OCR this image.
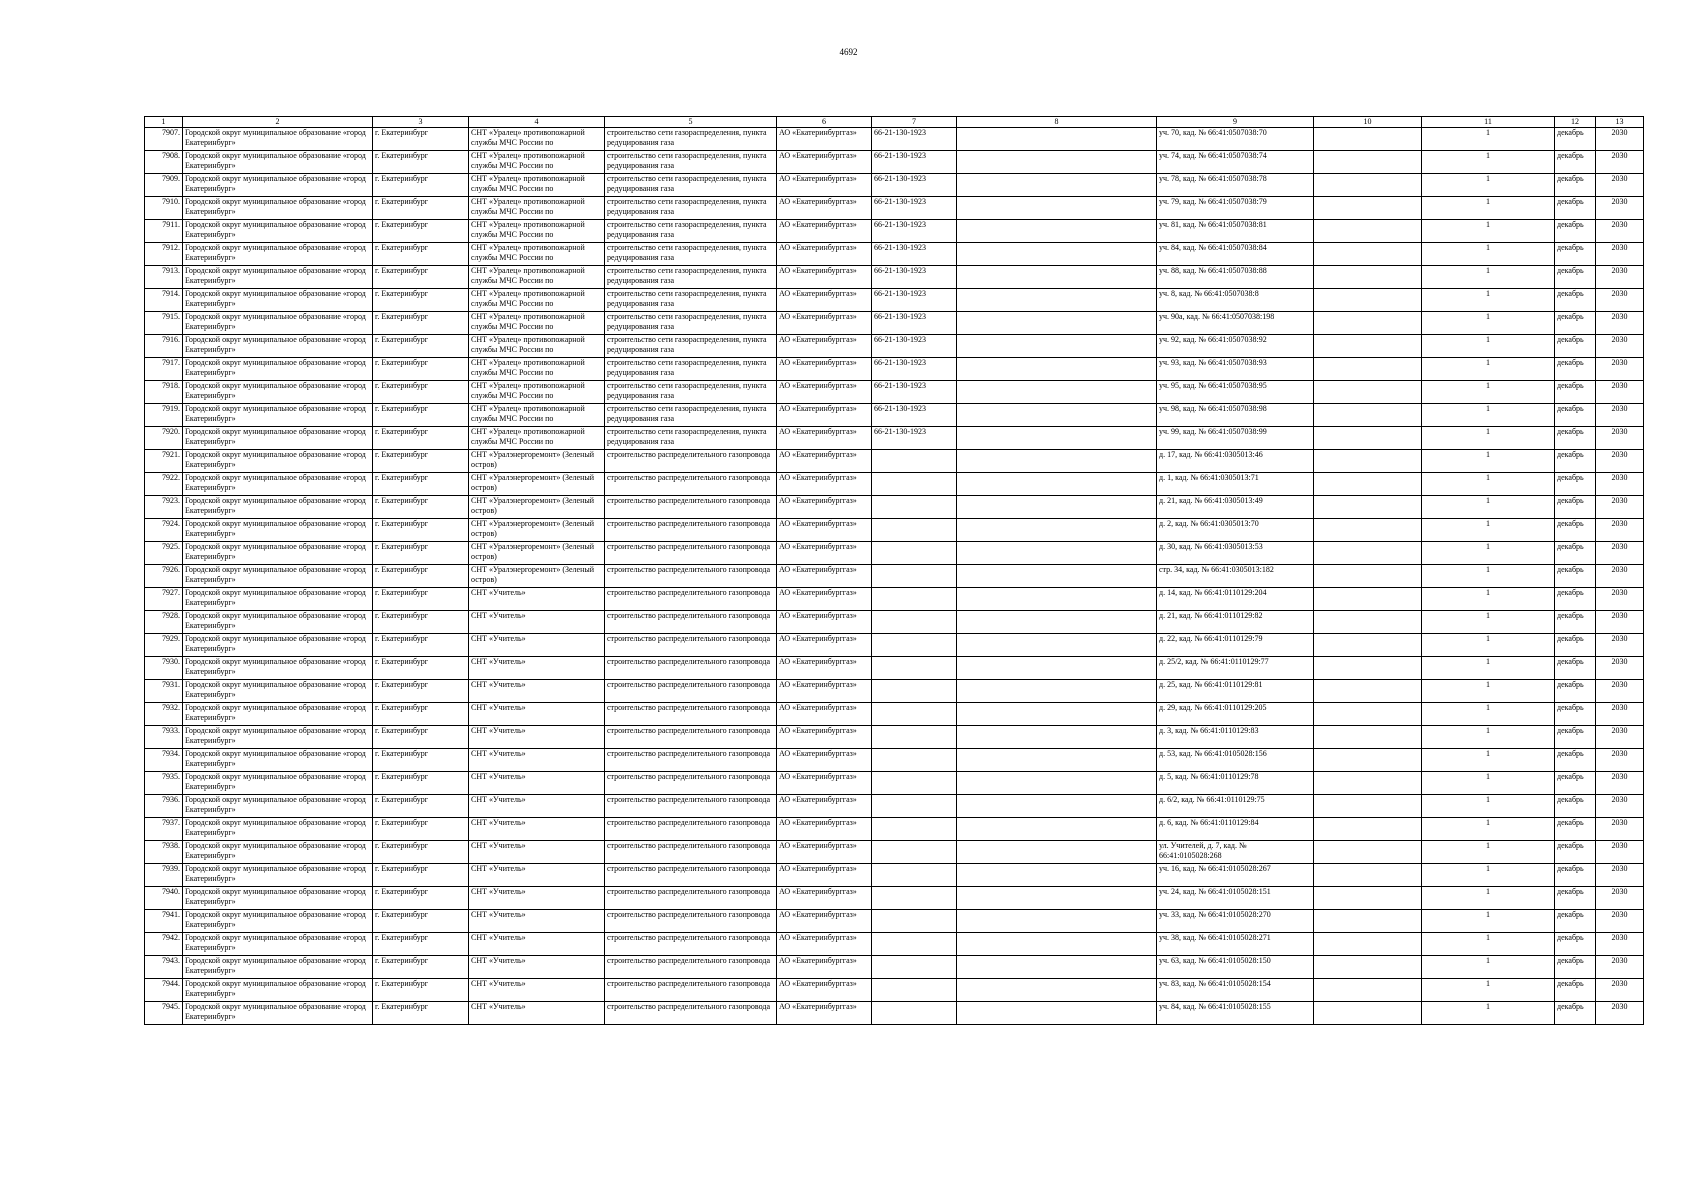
4692
1	2	3	4	5	6	7	8	9	10	11	12	13
7907.	Городской округ муниципальное образование «город Екатеринбург»	г. Екатеринбург	СНТ «Уралец» противопожарной службы МЧС России по	строительство сети газораспределения, пункта редуцирования газа	АО «Екатеринбурггаз»	66-21-130-1923		уч. 70, кад. № 66:41:0507038:70		1	декабрь	2030
7908.	Городской округ муниципальное образование «город Екатеринбург»	г. Екатеринбург	СНТ «Уралец» противопожарной службы МЧС России по	строительство сети газораспределения, пункта редуцирования газа	АО «Екатеринбурггаз»	66-21-130-1923		уч. 74, кад. № 66:41:0507038:74		1	декабрь	2030
7909.	Городской округ муниципальное образование «город Екатеринбург»	г. Екатеринбург	СНТ «Уралец» противопожарной службы МЧС России по	строительство сети газораспределения, пункта редуцирования газа	АО «Екатеринбурггаз»	66-21-130-1923		уч. 78, кад. № 66:41:0507038:78		1	декабрь	2030
7910.	Городской округ муниципальное образование «город Екатеринбург»	г. Екатеринбург	СНТ «Уралец» противопожарной службы МЧС России по	строительство сети газораспределения, пункта редуцирования газа	АО «Екатеринбурггаз»	66-21-130-1923		уч. 79, кад. № 66:41:0507038:79		1	декабрь	2030
7911.	Городской округ муниципальное образование «город Екатеринбург»	г. Екатеринбург	СНТ «Уралец» противопожарной службы МЧС России по	строительство сети газораспределения, пункта редуцирования газа	АО «Екатеринбурггаз»	66-21-130-1923		уч. 81, кад. № 66:41:0507038:81		1	декабрь	2030
7912.	Городской округ муниципальное образование «город Екатеринбург»	г. Екатеринбург	СНТ «Уралец» противопожарной службы МЧС России по	строительство сети газораспределения, пункта редуцирования газа	АО «Екатеринбурггаз»	66-21-130-1923		уч. 84, кад. № 66:41:0507038:84		1	декабрь	2030
7913.	Городской округ муниципальное образование «город Екатеринбург»	г. Екатеринбург	СНТ «Уралец» противопожарной службы МЧС России по	строительство сети газораспределения, пункта редуцирования газа	АО «Екатеринбурггаз»	66-21-130-1923		уч. 88, кад. № 66:41:0507038:88		1	декабрь	2030
7914.	Городской округ муниципальное образование «город Екатеринбург»	г. Екатеринбург	СНТ «Уралец» противопожарной службы МЧС России по	строительство сети газораспределения, пункта редуцирования газа	АО «Екатеринбурггаз»	66-21-130-1923		уч. 8, кад. № 66:41:0507038:8		1	декабрь	2030
7915.	Городской округ муниципальное образование «город Екатеринбург»	г. Екатеринбург	СНТ «Уралец» противопожарной службы МЧС России по	строительство сети газораспределения, пункта редуцирования газа	АО «Екатеринбурггаз»	66-21-130-1923		уч. 90а, кад. № 66:41:0507038:198		1	декабрь	2030
7916.	Городской округ муниципальное образование «город Екатеринбург»	г. Екатеринбург	СНТ «Уралец» противопожарной службы МЧС России по	строительство сети газораспределения, пункта редуцирования газа	АО «Екатеринбурггаз»	66-21-130-1923		уч. 92, кад. № 66:41:0507038:92		1	декабрь	2030
7917.	Городской округ муниципальное образование «город Екатеринбург»	г. Екатеринбург	СНТ «Уралец» противопожарной службы МЧС России по	строительство сети газораспределения, пункта редуцирования газа	АО «Екатеринбурггаз»	66-21-130-1923		уч. 93, кад. № 66:41:0507038:93		1	декабрь	2030
7918.	Городской округ муниципальное образование «город Екатеринбург»	г. Екатеринбург	СНТ «Уралец» противопожарной службы МЧС России по	строительство сети газораспределения, пункта редуцирования газа	АО «Екатеринбурггаз»	66-21-130-1923		уч. 95, кад. № 66:41:0507038:95		1	декабрь	2030
7919.	Городской округ муниципальное образование «город Екатеринбург»	г. Екатеринбург	СНТ «Уралец» противопожарной службы МЧС России по	строительство сети газораспределения, пункта редуцирования газа	АО «Екатеринбурггаз»	66-21-130-1923		уч. 98, кад. № 66:41:0507038:98		1	декабрь	2030
7920.	Городской округ муниципальное образование «город Екатеринбург»	г. Екатеринбург	СНТ «Уралец» противопожарной службы МЧС России по	строительство сети газораспределения, пункта редуцирования газа	АО «Екатеринбурггаз»	66-21-130-1923		уч. 99, кад. № 66:41:0507038:99		1	декабрь	2030
7921.	Городской округ муниципальное образование «город Екатеринбург»	г. Екатеринбург	СНТ «Уралэнергоремонт» (Зеленый остров)	строительство распределительного газопровода	АО «Екатеринбурггаз»			д. 17, кад. № 66:41:0305013:46		1	декабрь	2030
7922.	Городской округ муниципальное образование «город Екатеринбург»	г. Екатеринбург	СНТ «Уралэнергоремонт» (Зеленый остров)	строительство распределительного газопровода	АО «Екатеринбурггаз»			д. 1, кад. № 66:41:0305013:71		1	декабрь	2030
7923.	Городской округ муниципальное образование «город Екатеринбург»	г. Екатеринбург	СНТ «Уралэнергоремонт» (Зеленый остров)	строительство распределительного газопровода	АО «Екатеринбурггаз»			д. 21, кад. № 66:41:0305013:49		1	декабрь	2030
7924.	Городской округ муниципальное образование «город Екатеринбург»	г. Екатеринбург	СНТ «Уралэнергоремонт» (Зеленый остров)	строительство распределительного газопровода	АО «Екатеринбурггаз»			д. 2, кад. № 66:41:0305013:70		1	декабрь	2030
7925.	Городской округ муниципальное образование «город Екатеринбург»	г. Екатеринбург	СНТ «Уралэнергоремонт» (Зеленый остров)	строительство распределительного газопровода	АО «Екатеринбурггаз»			д. 30, кад. № 66:41:0305013:53		1	декабрь	2030
7926.	Городской округ муниципальное образование «город Екатеринбург»	г. Екатеринбург	СНТ «Уралэнергоремонт» (Зеленый остров)	строительство распределительного газопровода	АО «Екатеринбурггаз»			стр. 34, кад. № 66:41:0305013:182		1	декабрь	2030
7927.	Городской округ муниципальное образование «город Екатеринбург»	г. Екатеринбург	СНТ «Учитель»	строительство распределительного газопровода	АО «Екатеринбурггаз»			д. 14, кад. № 66:41:0110129:204		1	декабрь	2030
7928.	Городской округ муниципальное образование «город Екатеринбург»	г. Екатеринбург	СНТ «Учитель»	строительство распределительного газопровода	АО «Екатеринбурггаз»			д. 21, кад. № 66:41:0110129:82		1	декабрь	2030
7929.	Городской округ муниципальное образование «город Екатеринбург»	г. Екатеринбург	СНТ «Учитель»	строительство распределительного газопровода	АО «Екатеринбурггаз»			д. 22, кад. № 66:41:0110129:79		1	декабрь	2030
7930.	Городской округ муниципальное образование «город Екатеринбург»	г. Екатеринбург	СНТ «Учитель»	строительство распределительного газопровода	АО «Екатеринбурггаз»			д. 25/2, кад. № 66:41:0110129:77		1	декабрь	2030
7931.	Городской округ муниципальное образование «город Екатеринбург»	г. Екатеринбург	СНТ «Учитель»	строительство распределительного газопровода	АО «Екатеринбурггаз»			д. 25, кад. № 66:41:0110129:81		1	декабрь	2030
7932.	Городской округ муниципальное образование «город Екатеринбург»	г. Екатеринбург	СНТ «Учитель»	строительство распределительного газопровода	АО «Екатеринбурггаз»			д. 29, кад. № 66:41:0110129:205		1	декабрь	2030
7933.	Городской округ муниципальное образование «город Екатеринбург»	г. Екатеринбург	СНТ «Учитель»	строительство распределительного газопровода	АО «Екатеринбурггаз»			д. 3, кад. № 66:41:0110129:83		1	декабрь	2030
7934.	Городской округ муниципальное образование «город Екатеринбург»	г. Екатеринбург	СНТ «Учитель»	строительство распределительного газопровода	АО «Екатеринбурггаз»			д. 53, кад. № 66:41:0105028:156		1	декабрь	2030
7935.	Городской округ муниципальное образование «город Екатеринбург»	г. Екатеринбург	СНТ «Учитель»	строительство распределительного газопровода	АО «Екатеринбурггаз»			д. 5, кад. № 66:41:0110129:78		1	декабрь	2030
7936.	Городской округ муниципальное образование «город Екатеринбург»	г. Екатеринбург	СНТ «Учитель»	строительство распределительного газопровода	АО «Екатеринбурггаз»			д. 6/2, кад. № 66:41:0110129:75		1	декабрь	2030
7937.	Городской округ муниципальное образование «город Екатеринбург»	г. Екатеринбург	СНТ «Учитель»	строительство распределительного газопровода	АО «Екатеринбурггаз»			д. 6, кад. № 66:41:0110129:84		1	декабрь	2030
7938.	Городской округ муниципальное образование «город Екатеринбург»	г. Екатеринбург	СНТ «Учитель»	строительство распределительного газопровода	АО «Екатеринбурггаз»			ул. Учителей, д. 7, кад. № 66:41:0105028:268		1	декабрь	2030
7939.	Городской округ муниципальное образование «город Екатеринбург»	г. Екатеринбург	СНТ «Учитель»	строительство распределительного газопровода	АО «Екатеринбурггаз»			уч. 16, кад. № 66:41:0105028:267		1	декабрь	2030
7940.	Городской округ муниципальное образование «город Екатеринбург»	г. Екатеринбург	СНТ «Учитель»	строительство распределительного газопровода	АО «Екатеринбурггаз»			уч. 24, кад. № 66:41:0105028:151		1	декабрь	2030
7941.	Городской округ муниципальное образование «город Екатеринбург»	г. Екатеринбург	СНТ «Учитель»	строительство распределительного газопровода	АО «Екатеринбурггаз»			уч. 33, кад. № 66:41:0105028:270		1	декабрь	2030
7942.	Городской округ муниципальное образование «город Екатеринбург»	г. Екатеринбург	СНТ «Учитель»	строительство распределительного газопровода	АО «Екатеринбурггаз»			уч. 38, кад. № 66:41:0105028:271		1	декабрь	2030
7943.	Городской округ муниципальное образование «город Екатеринбург»	г. Екатеринбург	СНТ «Учитель»	строительство распределительного газопровода	АО «Екатеринбурггаз»			уч. 63, кад. № 66:41:0105028:150		1	декабрь	2030
7944.	Городской округ муниципальное образование «город Екатеринбург»	г. Екатеринбург	СНТ «Учитель»	строительство распределительного газопровода	АО «Екатеринбурггаз»			уч. 83, кад. № 66:41:0105028:154		1	декабрь	2030
7945.	Городской округ муниципальное образование «город Екатеринбург»	г. Екатеринбург	СНТ «Учитель»	строительство распределительного газопровода	АО «Екатеринбурггаз»			уч. 84, кад. № 66:41:0105028:155		1	декабрь	2030
